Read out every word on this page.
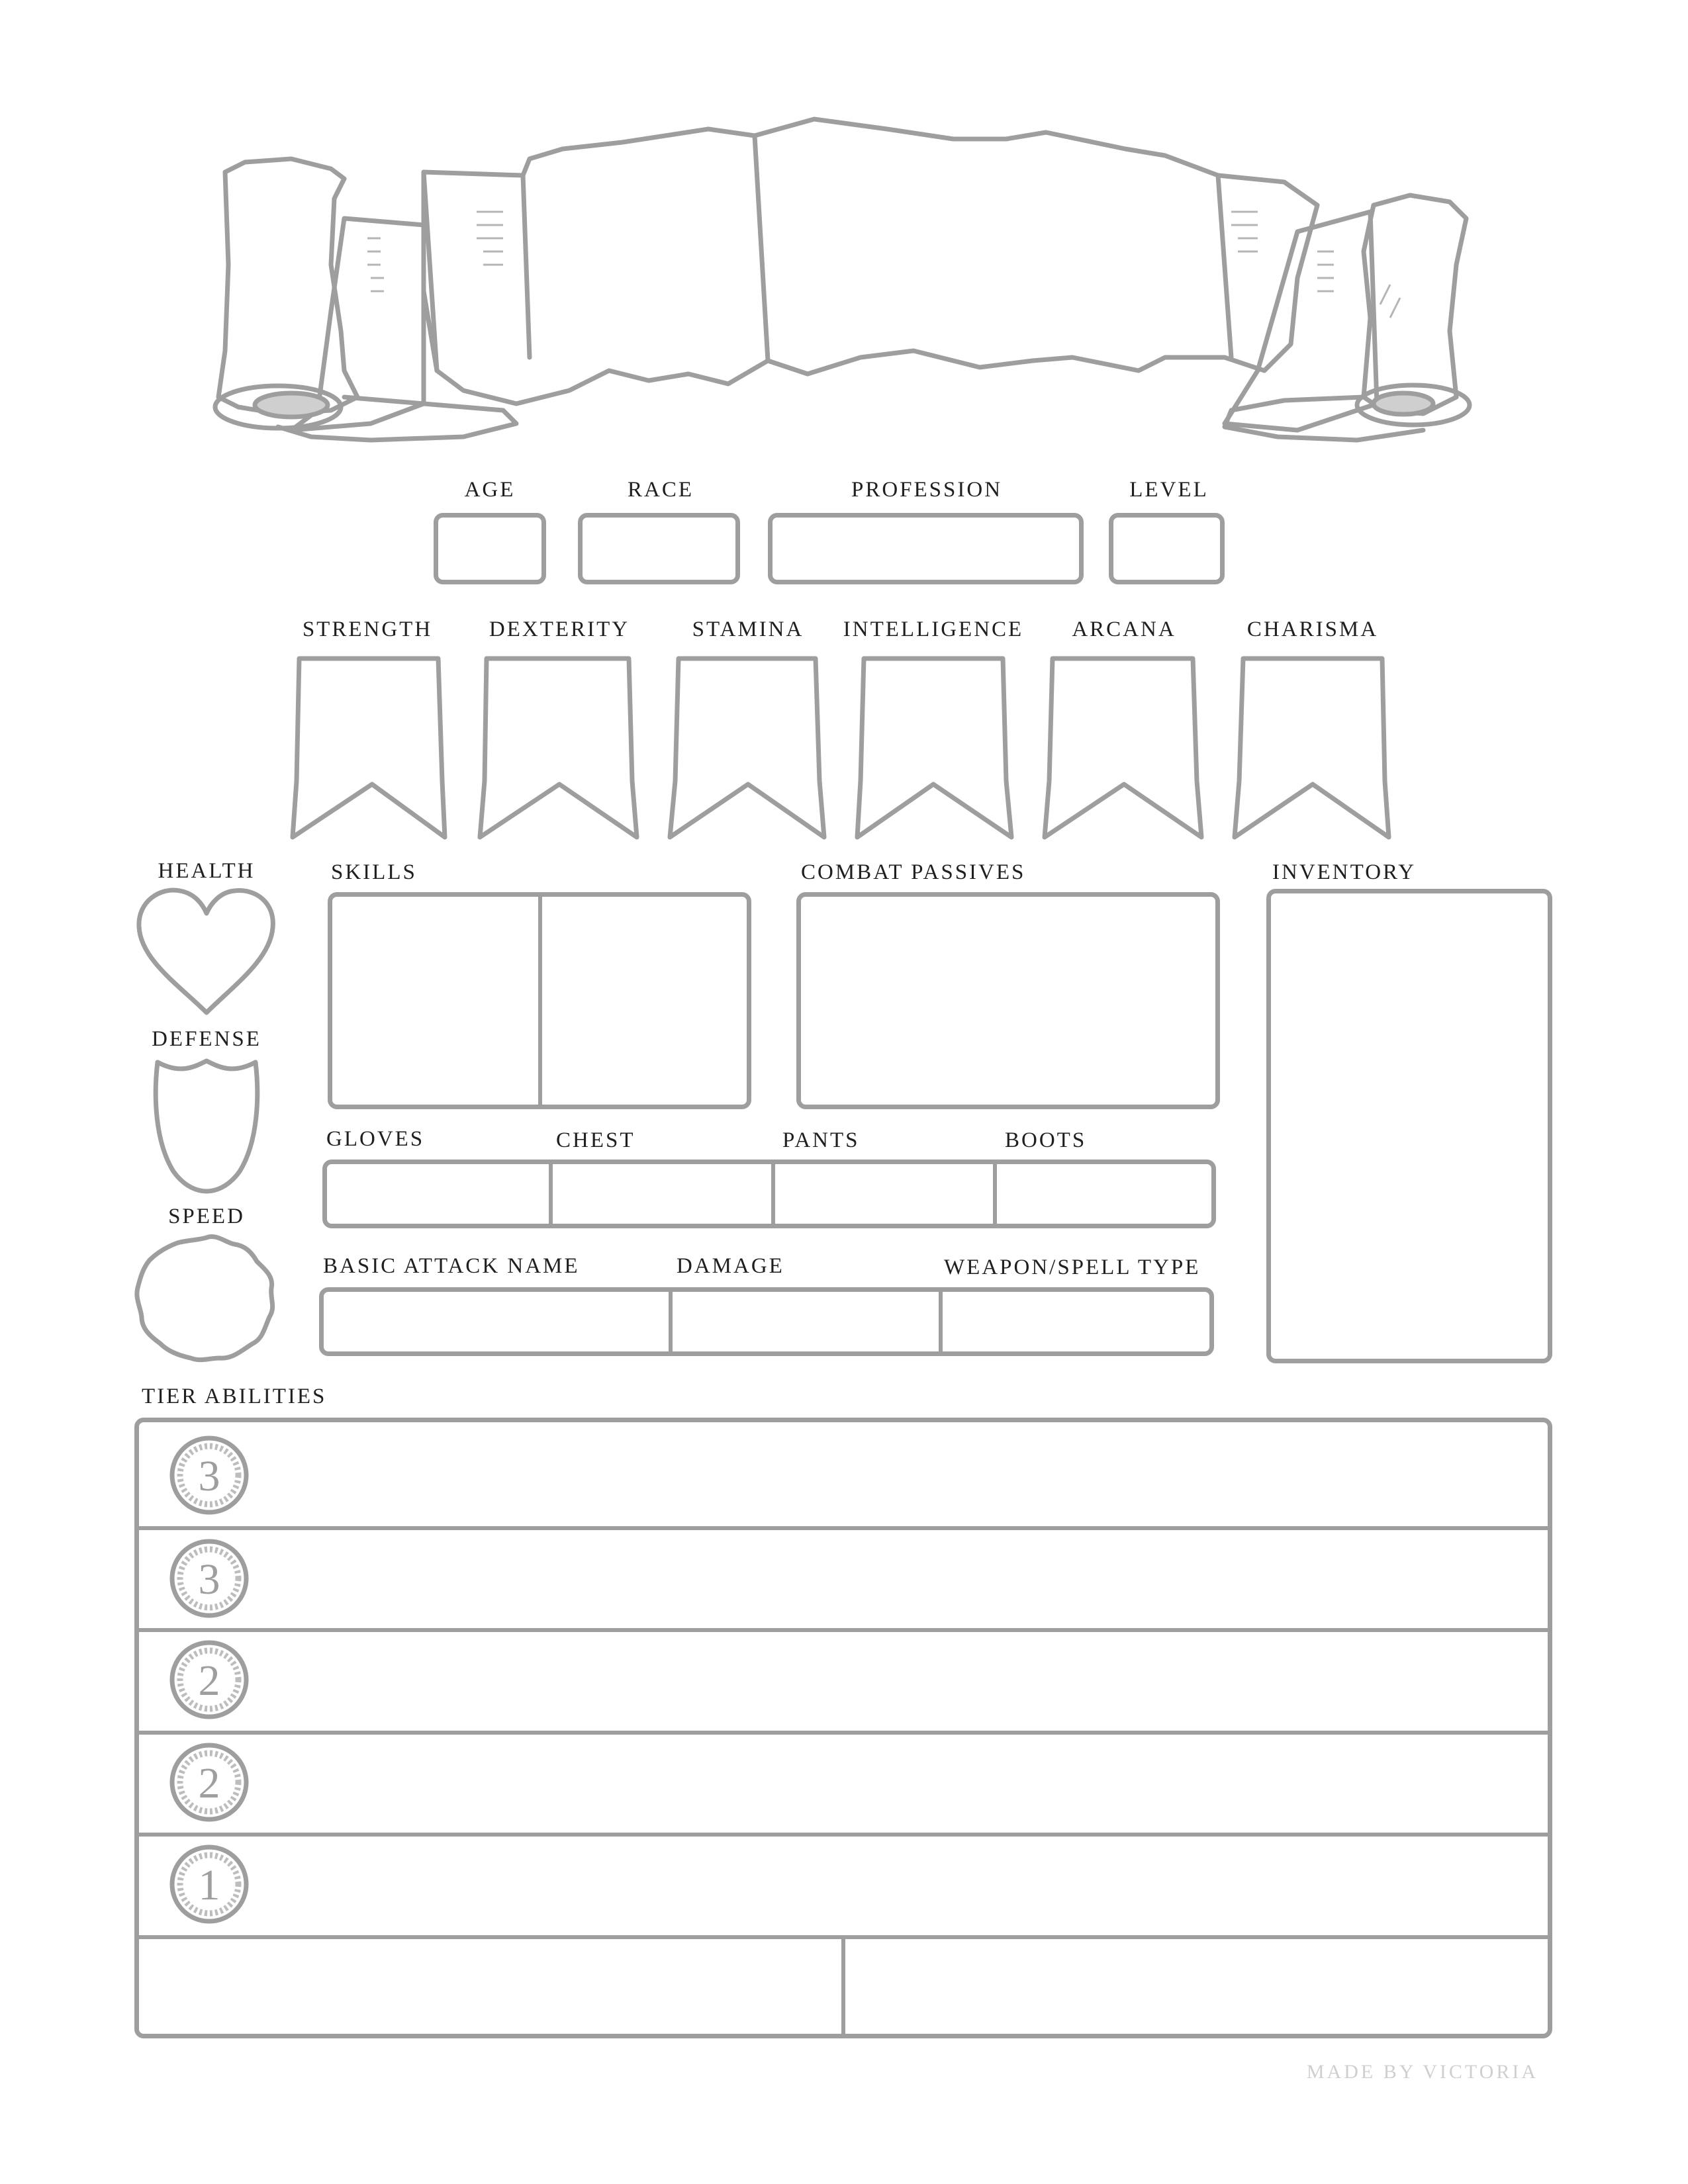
AGE	RACE	PROFESSION	LEVEL
STRENGTH	DEXTERITY	STAMINA INTELLIGENCE ARCANA	CHARISMA
HEALTH
DEFENSE
SPEED
SKILLS	COMBAT PASSIVES	INVENTORY
GLOVES	CHEST	PANTS	BOOTS
BASIC ATTACK NAME	DAMAGE	WEAPON/SPELL TYPE
TIER ABILITIES
3
3
2
2
1
MADE BY VICTORIA
